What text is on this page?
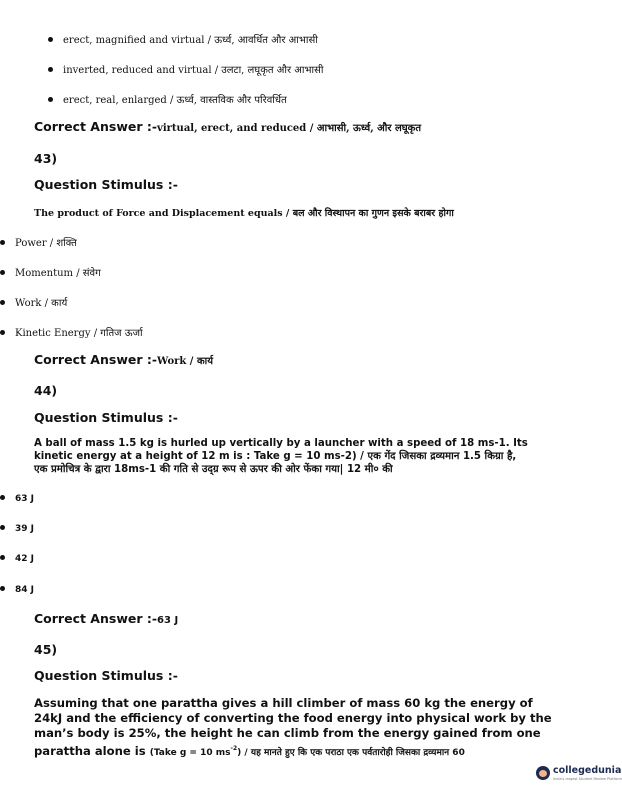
erect, magnified and virtual / ऊर्ध्व, आवर्धित और आभासी
inverted, reduced and virtual / उलटा, लघूकृत और आभासी
erect, real, enlarged / ऊर्ध्व, वास्तविक और परिवर्धित
Correct Answer :-virtual, erect, and reduced / आभासी, ऊर्ध्व, और लघूकृत
43)
Question Stimulus :-
The product of Force and Displacement equals / बल और विस्थापन का गुणन इसके बराबर होगा
Power / शक्ति
Momentum / संवेग
Work / कार्य
Kinetic Energy / गतिज ऊर्जा
Correct Answer :-Work / कार्य
44)
Question Stimulus :-
A ball of mass 1.5 kg is hurled up vertically by a launcher with a speed of 18 ms-1. Its
kinetic energy at a height of 12 m is : Take g = 10 ms-2) / एक गेंद जिसका द्रव्यमान 1.5 किग्रा है,
एक प्रमोचित्र के द्वारा 18ms-1 की गति से उद्ग्र रूप से ऊपर की ओर फेंका गया| 12 मी० की
63 J
39 J
42 J
84 J
Correct Answer :-63 J
45)
Question Stimulus :-
Assuming that one parattha gives a hill climber of mass 60 kg the energy of
24kJ and the efficiency of converting the food energy into physical work by the
man’s body is 25%, the height he can climb from the energy gained from one
parattha alone is (Take g = 10 $ms^{-2}$) / यह मानते हुए कि एक पराठा एक पर्वतारोही जिसका द्रव्यमान 60
collegedunia
India's largest Student Review Platform
